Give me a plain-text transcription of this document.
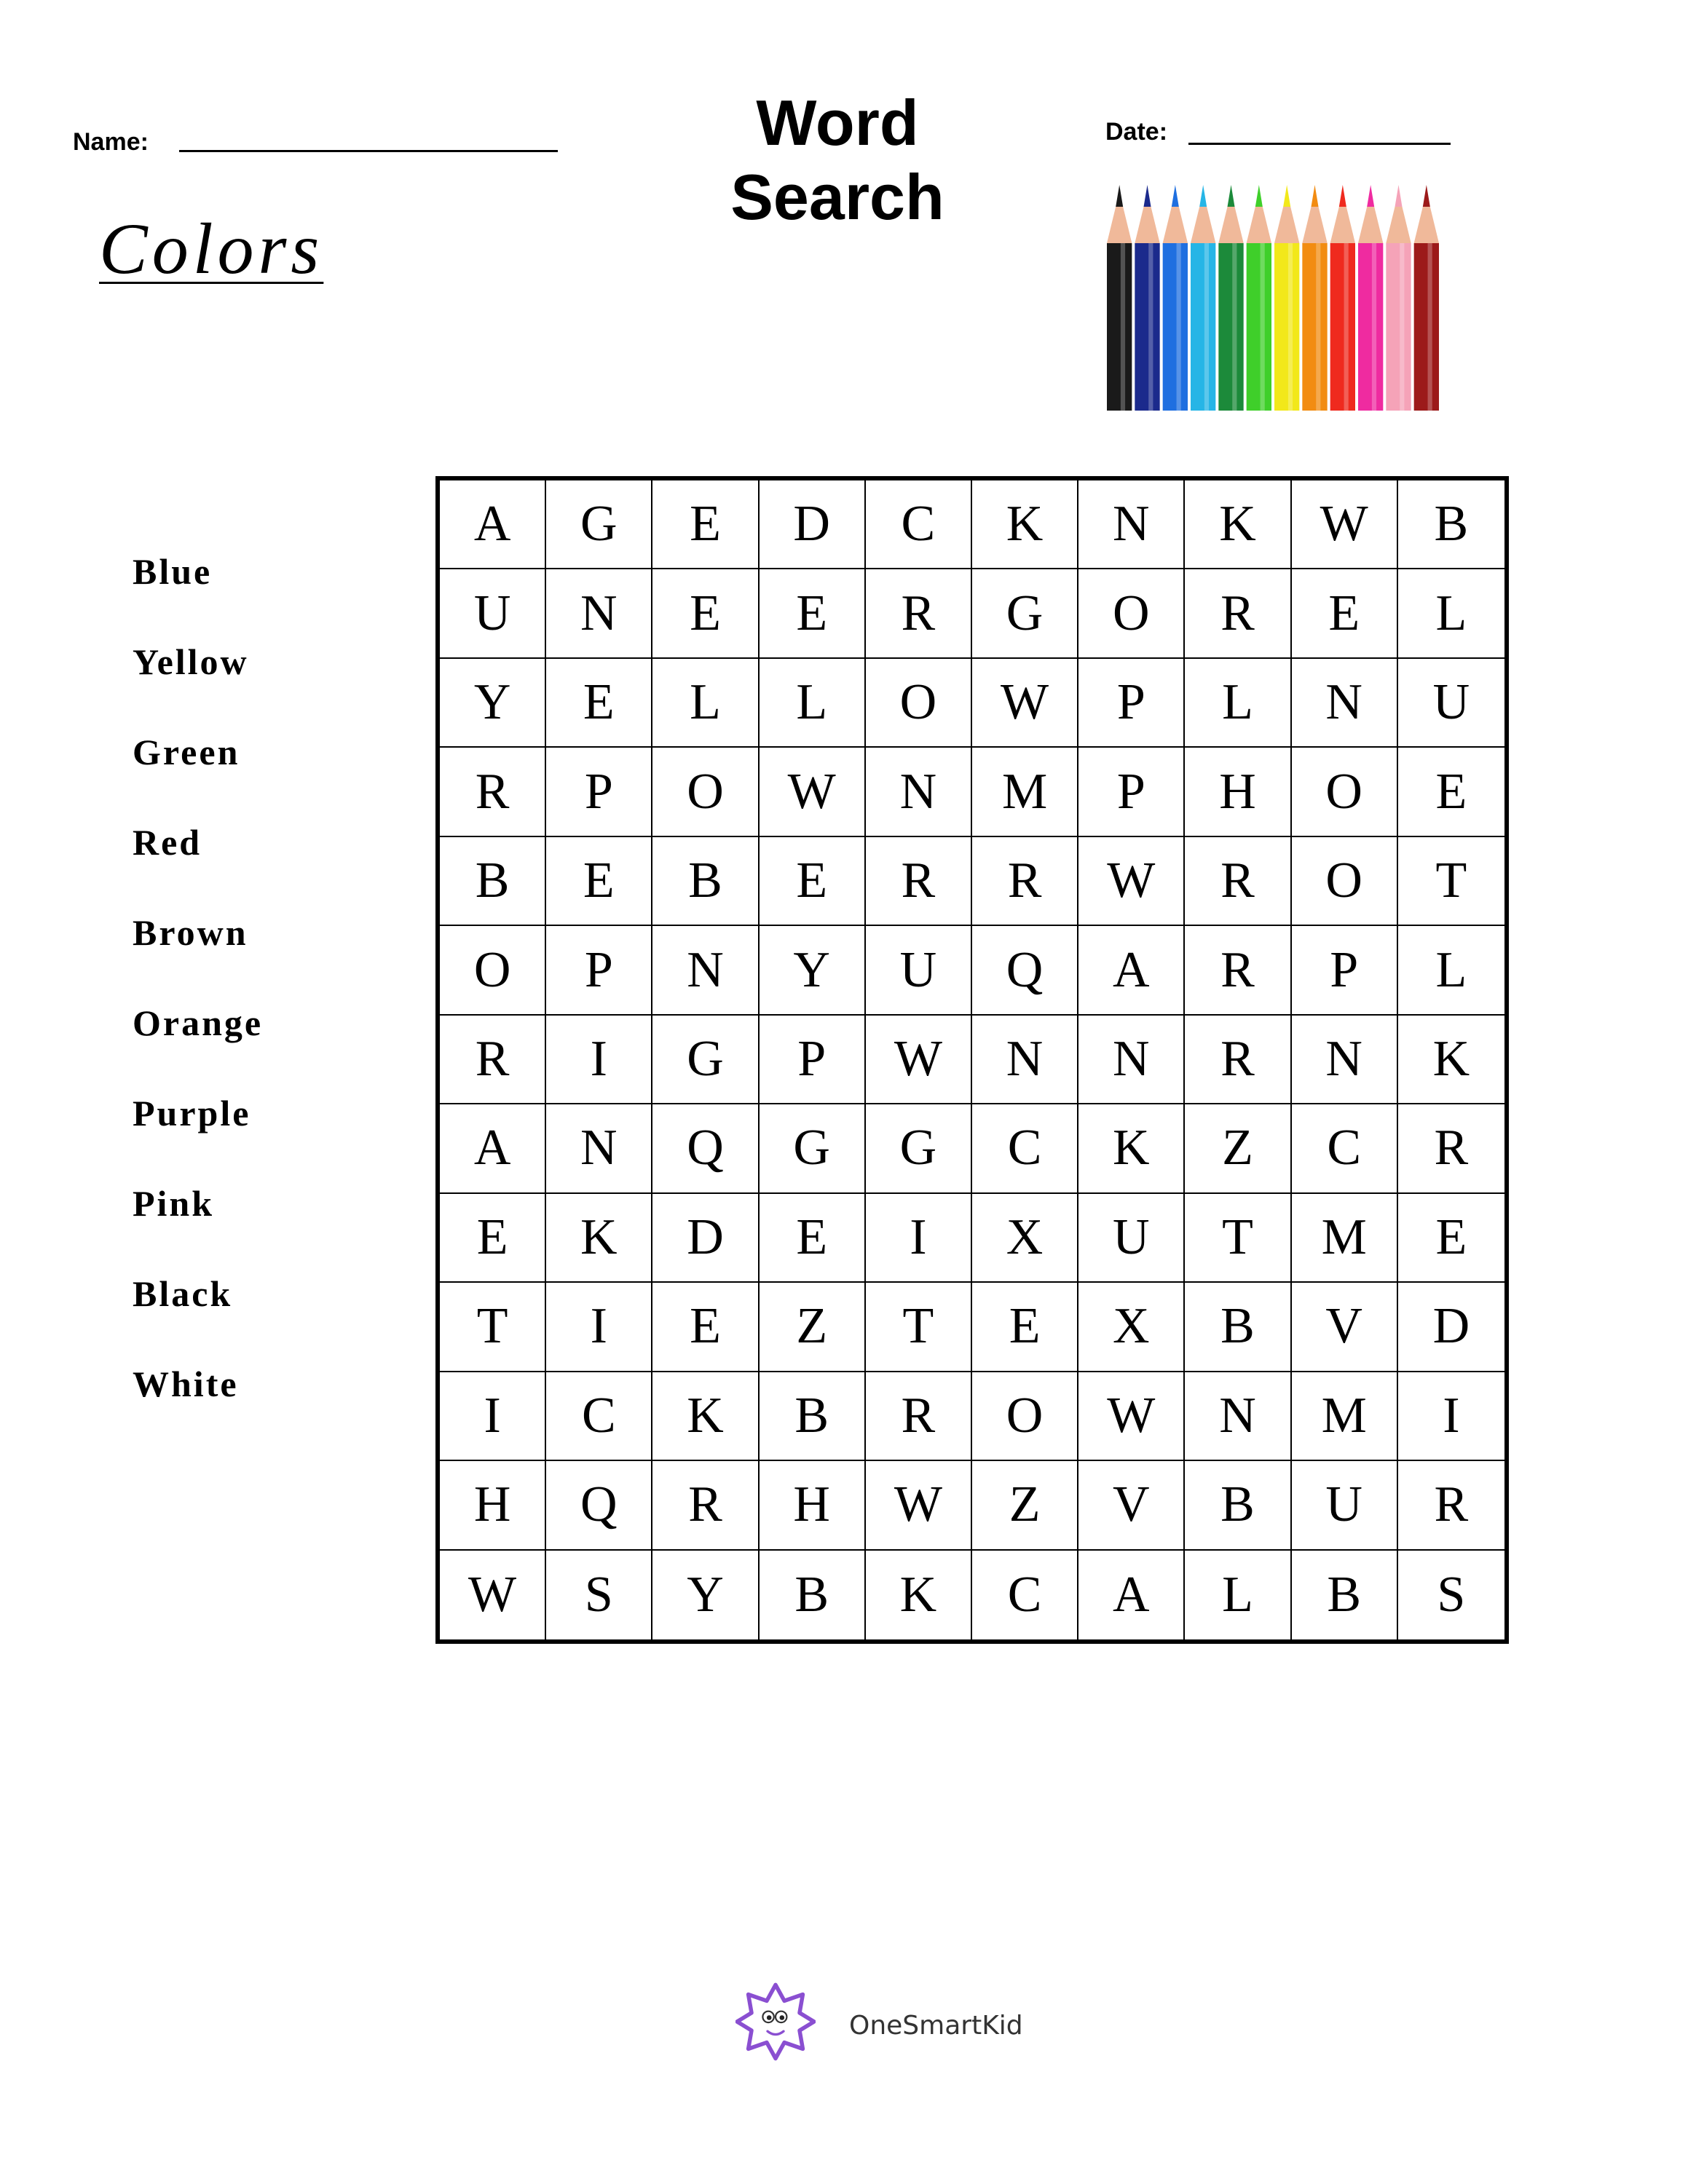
Name:	Word Search
Date:
Colors
Blue
Yellow
Green
Red
Brown
Orange
Purple
Pink
Black
White
A	G	E	D	C	K	N	K	W	B
U	N	E	E	R	G	O	R	E	L
Y	E	L	L	O	W	P	L	N	U
R	P	O	W	N	M	P	H	O	E
B	E	B	E	R	R	W	R	O	T
O	P	N	Y	U	Q	A	R	P	L
R	I	G	P	W	N	N	R	N	K
A	N	Q	G	G	C	K	Z	C	R
E	K	D	E	I	X	U	T	M	E
T	I	E	Z	T	E	X	B	V	D
I	C	K	B	R	O	W	N	M	I
H	Q	R	H	W	Z	V	B	U	R
W	S	Y	B	K	C	A	L	B	S
OneSmartKid
